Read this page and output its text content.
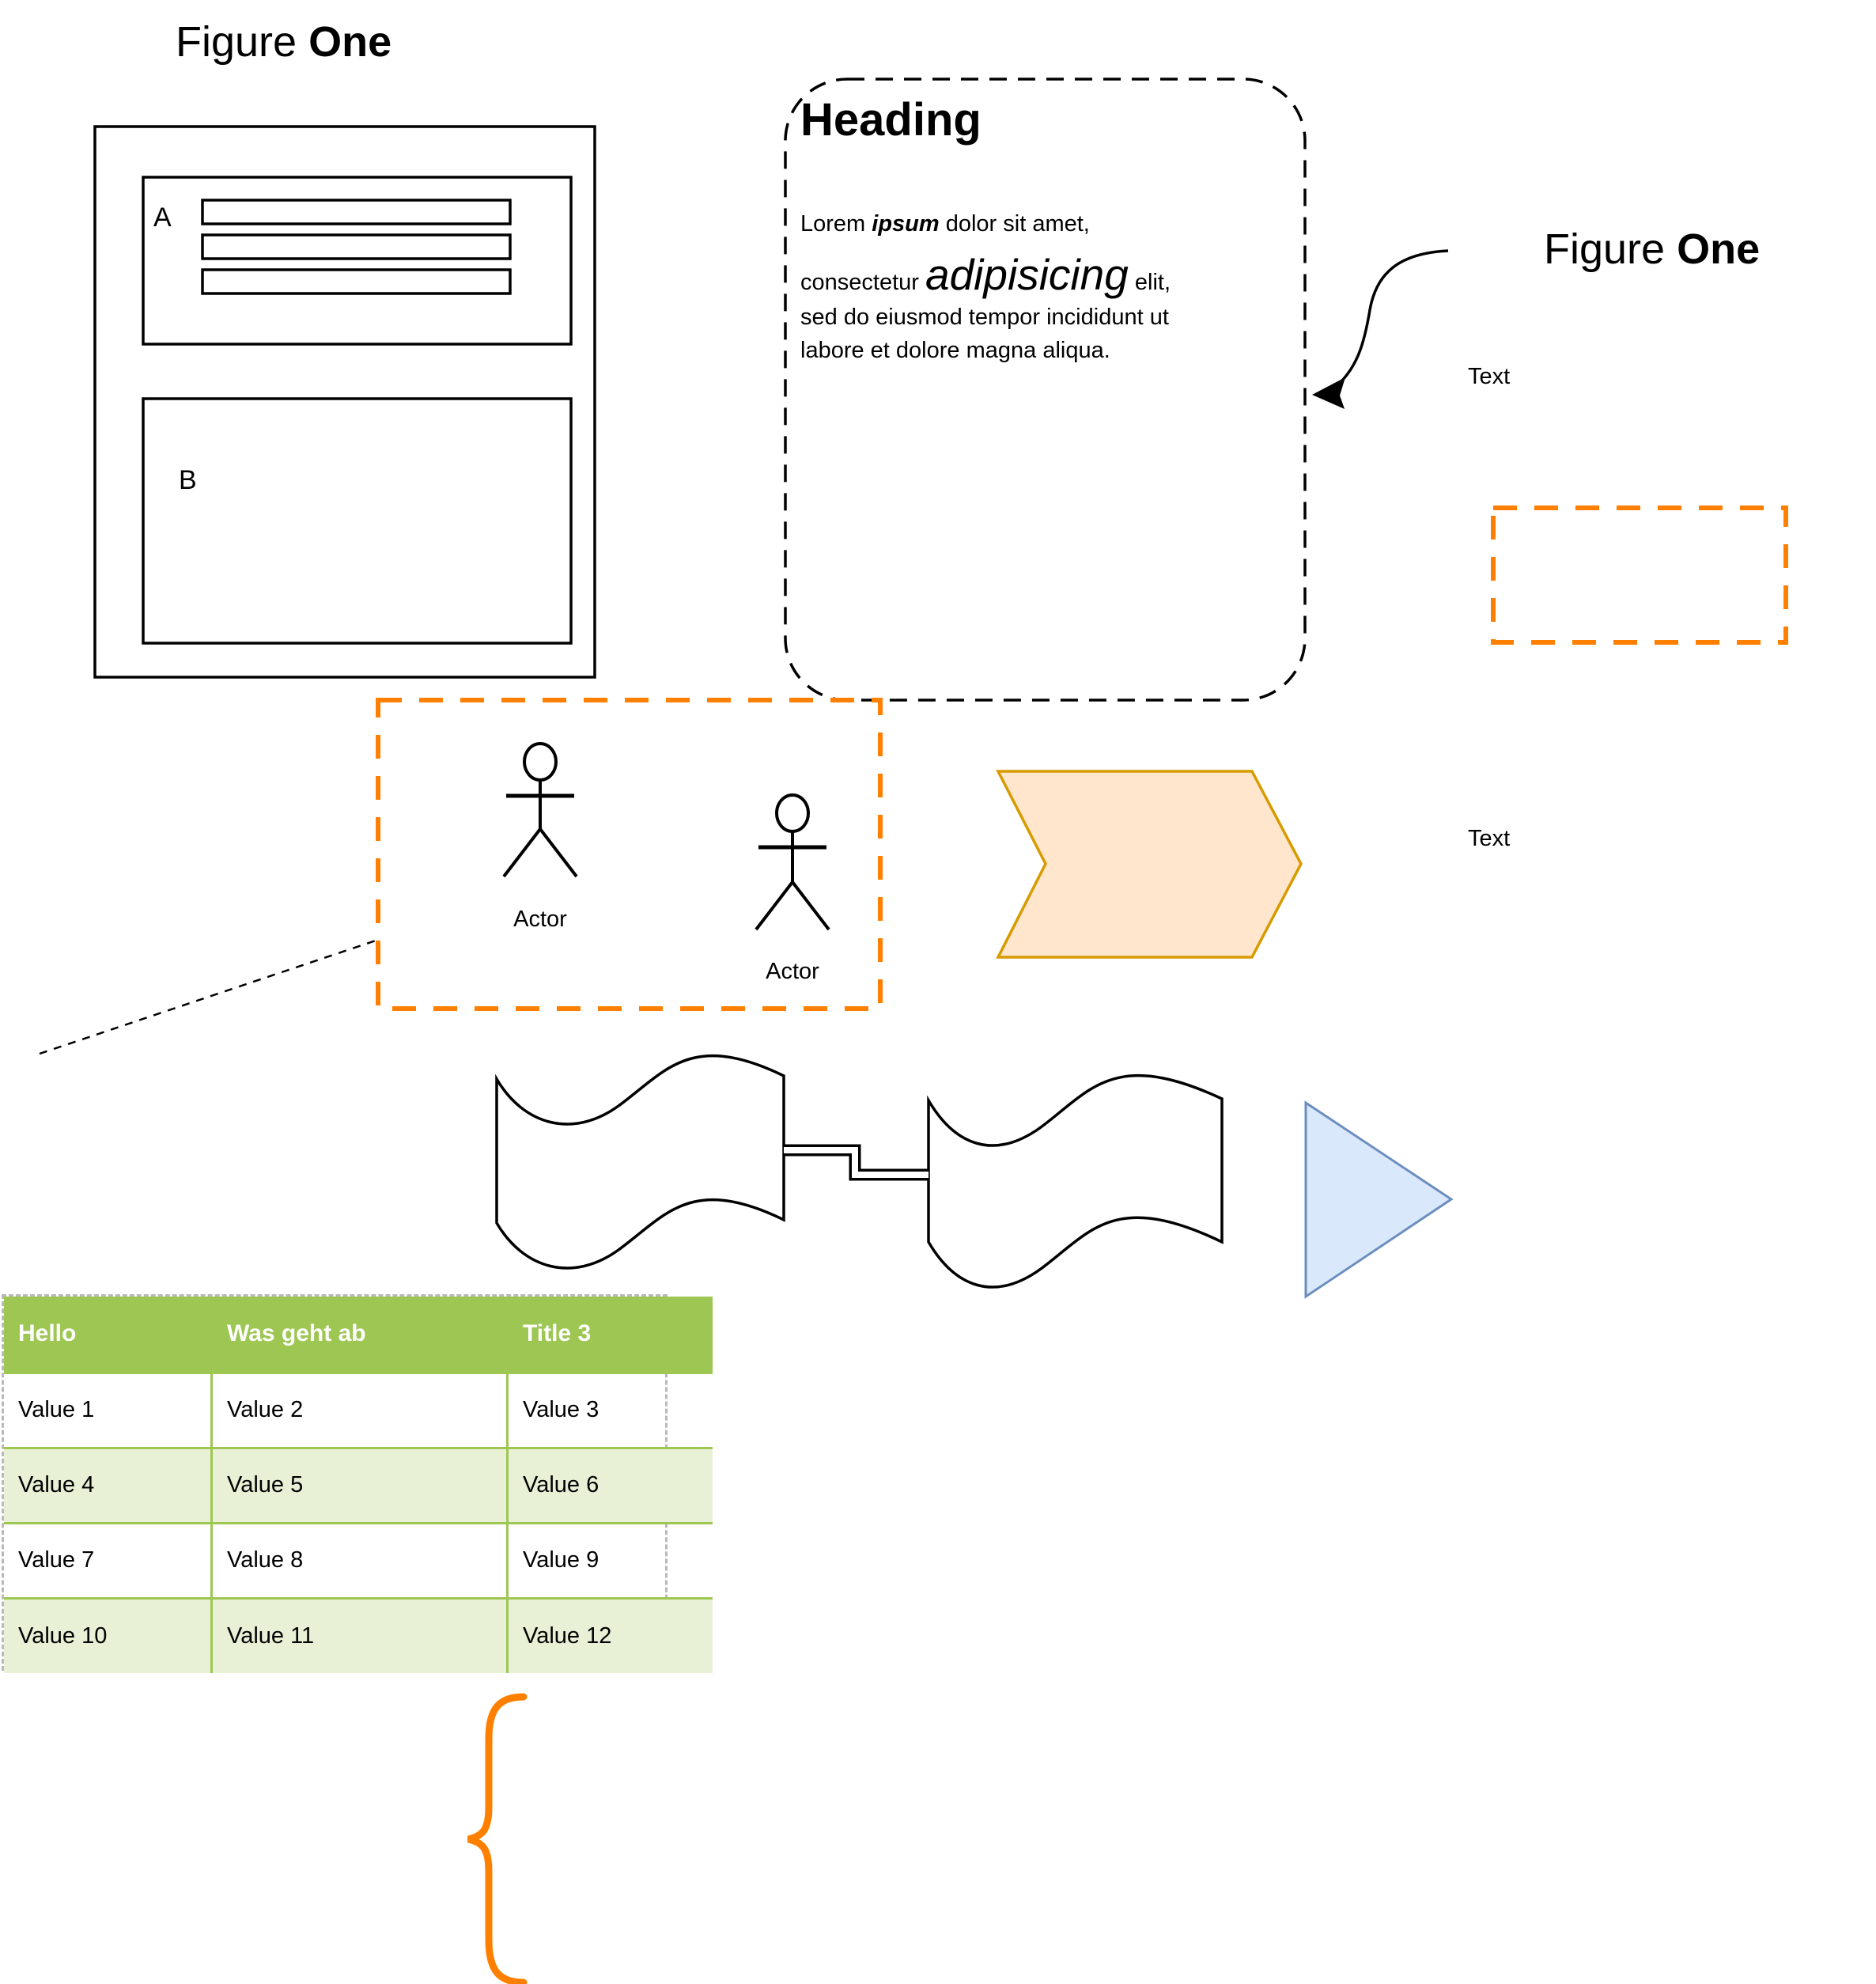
Figure One
A
B
Heading
Lorem ipsum dolor sit amet,
consectetur adipisicing elit,
sed do eiusmod tempor incididunt ut
labore et dolore magna aliqua.
Figure One
Text
Text
Actor
Actor
Hello	Was geht ab	Title 3
Value 1	Value 2	Value 3
Value 4	Value 5	Value 6
Value 7	Value 8	Value 9
Value 10	Value 11	Value 12
